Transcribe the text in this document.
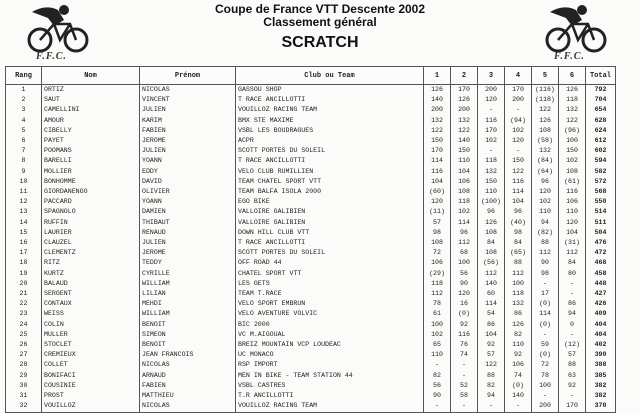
F.F.C.	F.F.C.
Coupe de France VTT Descente 2002
Classement général
SCRATCH
Rang	Nom	Prénom	Club ou Team	1	2	3	4	5	6	Total
1	ORTIZ	NICOLAS	GASSOU SHOP	126	170	200	170	(116)	126	792
2	SAUT	VINCENT	T RACE ANCILLOTTI	140	126	120	200	(118)	118	704
3	CAMELLINI	JULIEN	VOUILLOZ RACING TEAM	200	200	-	-	122	132	654
4	AMOUR	KARIM	BMX STE MAXIME	132	132	116	(94)	126	122	628
5	CIBELLY	FABIEN	VSBL LES BOUDRAGUES	122	122	170	102	108	(96)	624
6	PAYET	JEROME	ACPR	150	140	102	120	(58)	100	612
7	POOMANS	JULIEN	SCOTT PORTES DU SOLEIL	170	150	-	-	132	150	602
8	BARELLI	YOANN	T RACE ANCILLOTTI	114	110	118	150	(84)	102	594
9	MOLLIER	EDDY	VELO CLUB RUMILLIEN	116	104	132	122	(64)	108	582
10	BONHOMME	DAVID	TEAM CHATEL SPORT VTT	104	106	150	116	96	(61)	572
11	GIORDANENGO	OLIVIER	TEAM BALFA ISOLA 2000	(60)	108	110	114	120	116	568
12	PACCARD	YOANN	EGO BIKE	120	118	(100)	104	102	106	550
13	SPAGNOLO	DAMIEN	VALLOIRE GALIBIEN	(11)	102	96	96	110	110	514
14	RUFFIN	THIBAUT	VALLOIRE GALIBIEN	57	114	126	(40)	94	120	511
15	LAURIER	RENAUD	DOWN HILL CLUB VTT	98	96	108	98	(82)	104	504
16	CLAUZEL	JULIEN	T RACE ANCILLOTTI	108	112	84	84	88	(31)	476
17	CLEMENTZ	JEROME	SCOTT PORTES DU SOLEIL	72	68	108	(65)	112	112	472
18	RITZ	TEDDY	OFF ROAD 44	106	100	(56)	88	90	84	468
19	KURTZ	CYRILLE	CHATEL SPORT VTT	(29)	56	112	112	98	80	458
20	BALAUD	WILLIAM	LES GETS	118	90	140	100	-	-	448
21	SERGENT	LILIAN	TEAM T.RACE	112	120	60	118	17	-	427
22	CONTAUX	MEHDI	VELO SPORT EMBRUN	78	16	114	132	(0)	86	426
23	WEISS	WILLIAM	VELO AVENTURE VOLVIC	61	(0)	54	86	114	94	409
24	COLIN	BENOIT	BIC 2000	100	92	86	126	(0)	0	404
25	MULLER	SIMEON	VC M.AIGOUAL	102	116	104	82	-	-	404
26	STOCLET	BENOIT	BREIZ MOUNTAIN VCP LOUDEAC	65	76	92	110	59	(12)	402
27	CREMIEUX	JEAN FRANCOIS	UC MONACO	110	74	57	92	(0)	57	390
28	COLLET	NICOLAS	RSP IMPORT	-	-	122	106	72	88	388
29	BONIFACI	ARNAUD	MEN IN BIKE - TEAM STATION 44	82	-	88	74	78	63	385
30	COUSINIE	FABIEN	VSBL CASTRES	56	52	82	(0)	100	92	382
31	PROST	MATTHIEU	T.R ANCILLOTTI	90	58	94	140	-	-	382
32	VOUILLOZ	NICOLAS	VOUILLOZ RACING TEAM	-	-	-	-	200	170	370
